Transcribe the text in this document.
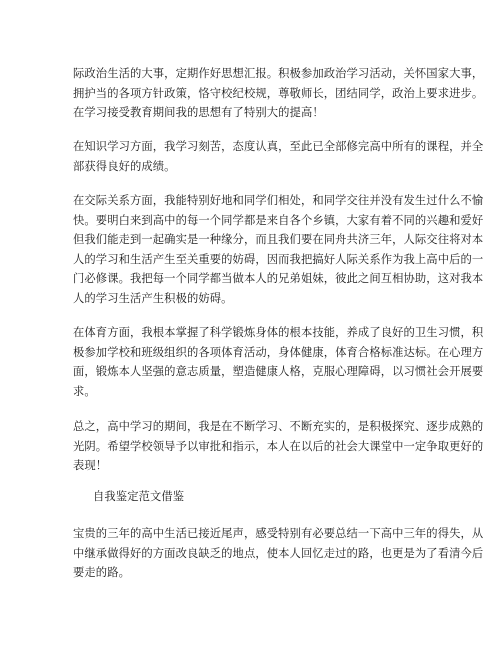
际政治生活的大事，定期作好思想汇报。积极参加政治学习活动，关怀国家大事，
拥护当的各项方针政策，恪守校纪校规，尊敬师长，团结同学，政治上要求进步。
在学习接受教育期间我的思想有了特别大的提高！

在知识学习方面，我学习刻苦，态度认真，至此已全部修完高中所有的课程，并全
部获得良好的成绩。

在交际关系方面，我能特别好地和同学们相处，和同学交往并没有发生过什么不愉
快。要明白来到高中的每一个同学都是来自各个乡镇，大家有着不同的兴趣和爱好
但我们能走到一起确实是一种缘分，而且我们要在同舟共济三年，人际交往将对本
人的学习和生活产生至关重要的妨碍，因而我把搞好人际关系作为我上高中后的一
门必修课。我把每一个同学都当做本人的兄弟姐妹，彼此之间互相协助，这对我本
人的学习生活产生积极的妨碍。

在体育方面，我根本掌握了科学锻炼身体的根本技能，养成了良好的卫生习惯，积
极参加学校和班级组织的各项体育活动，身体健康，体育合格标准达标。在心理方
面，锻炼本人坚强的意志质量，塑造健康人格，克服心理障碍，以习惯社会开展要
求。

总之，高中学习的期间，我是在不断学习、不断充实的，是积极探究、逐步成熟的
光阴。希望学校领导予以审批和指示，本人在以后的社会大课堂中一定争取更好的
表现！

自我鉴定范文借鉴

宝贵的三年的高中生活已接近尾声，感受特别有必要总结一下高中三年的得失，从
中继承做得好的方面改良缺乏的地点，使本人回忆走过的路，也更是为了看清今后
要走的路。
